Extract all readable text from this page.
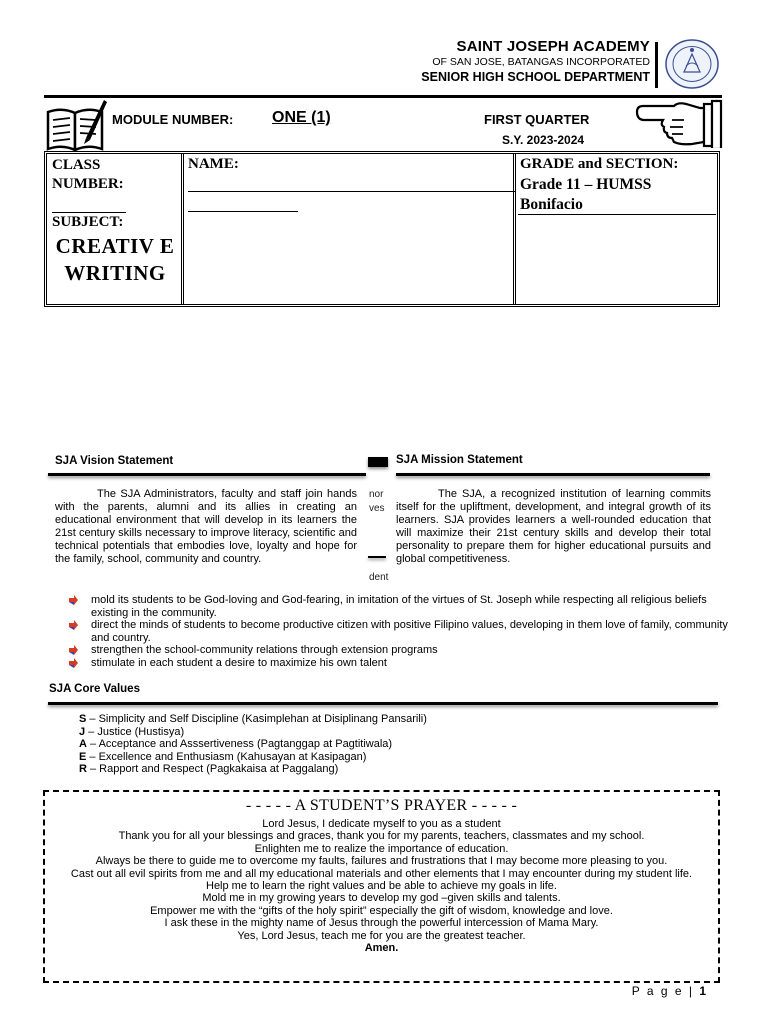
SAINT JOSEPH ACADEMY
OF SAN JOSE, BATANGAS INCORPORATED
SENIOR HIGH SCHOOL DEPARTMENT
MODULE NUMBER: ONE (1)	FIRST QUARTER
S.Y. 2023-2024
CLASS NUMBER:
NAME:	GRADE and SECTION:
Grade 11 – HUMSS Bonifacio
SUBJECT:
CREATIV E WRITING
SJA Vision Statement
The SJA Administrators, faculty and staff join hands with the parents, alumni and its allies in creating an educational environment that will develop in its learners the 21st century skills necessary to improve literacy, scientific and technical potentials that embodies love, loyalty and hope for the family, school, community and country.
SJA Mission Statement
The SJA, a recognized institution of learning commits itself for the upliftment, development, and integral growth of its learners. SJA provides learners a well-rounded education that will maximize their 21st century skills and develop their total personality to prepare them for higher educational pursuits and global competitiveness.
nor
ves
dent
mold its students to be God-loving and God-fearing, in imitation of the virtues of St. Joseph while respecting all religious beliefs existing in the community.
direct the minds of students to become productive citizen with positive Filipino values, developing in them love of family, community and country.
strengthen the school-community relations through extension programs
stimulate in each student a desire to maximize his own talent
SJA Core Values
S – Simplicity and Self Discipline (Kasimplehan at Disiplinang Pansarili)
J – Justice (Hustisya)
A – Acceptance and Asssertiveness (Pagtanggap at Pagtitiwala)
E – Excellence and Enthusiasm (Kahusayan at Kasipagan)
R – Rapport and Respect (Pagkakaisa at Paggalang)
- - - - - A STUDENT’S PRAYER - - - - -
Lord Jesus, I dedicate myself to you as a student
Thank you for all your blessings and graces, thank you for my parents, teachers, classmates and my school.
Enlighten me to realize the importance of education.
Always be there to guide me to overcome my faults, failures and frustrations that I may become more pleasing to you.
Cast out all evil spirits from me and all my educational materials and other elements that I may encounter during my student life.
Help me to learn the right values and be able to achieve my goals in life.
Mold me in my growing years to develop my god –given skills and talents.
Empower me with the “gifts of the holy spirit” especially the gift of wisdom, knowledge and love.
I ask these in the mighty name of Jesus through the powerful intercession of Mama Mary.
Yes, Lord Jesus, teach me for you are the greatest teacher.
Amen.
P a g e | 1
